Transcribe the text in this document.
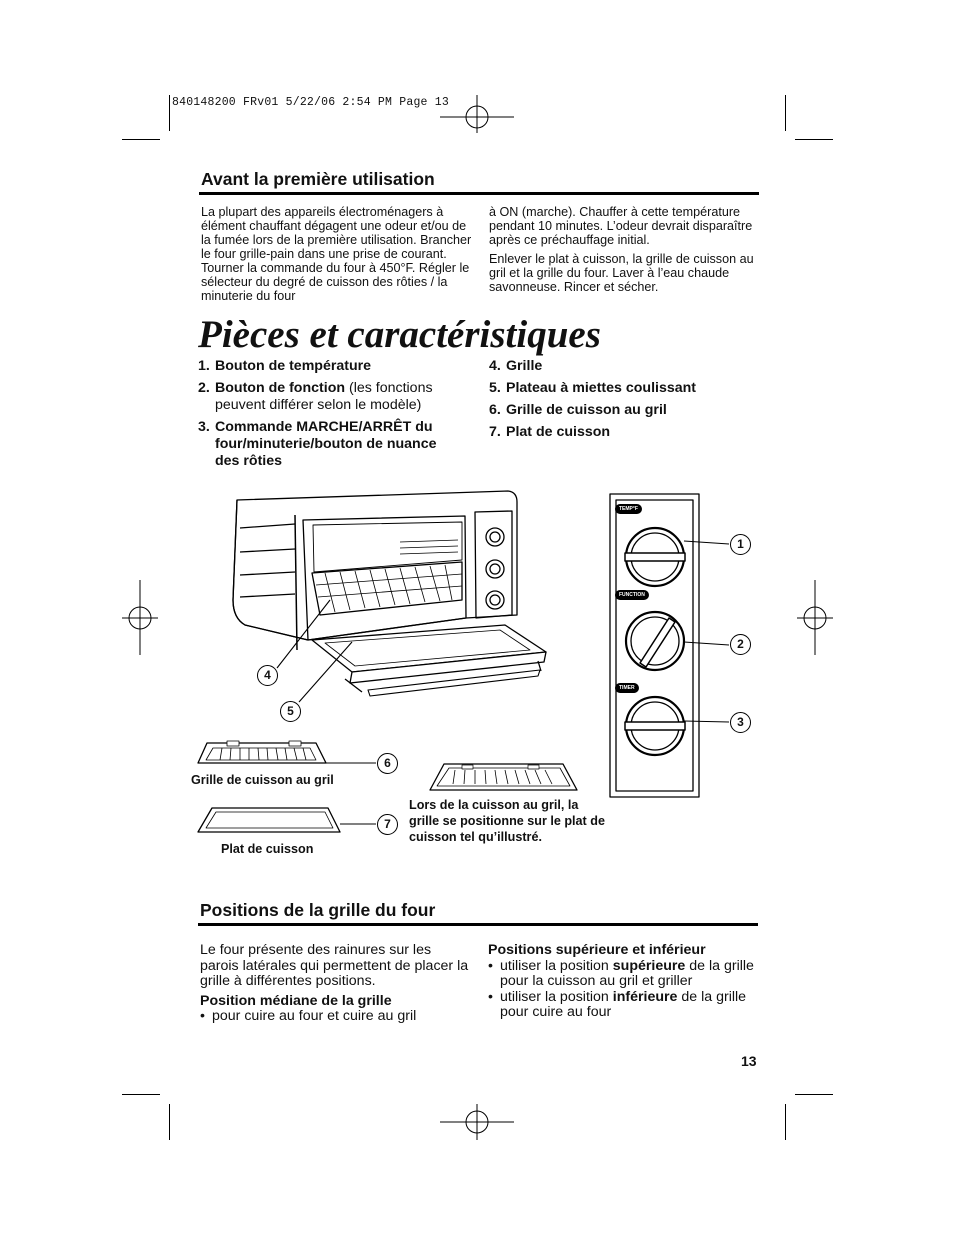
840148200 FRv01 5/22/06 2:54 PM Page 13
Avant la première utilisation

La plupart des appareils électroménagers à élément chauffant dégagent une odeur et/ou de la fumée lors de la première utilisation. Brancher le four grille-pain dans une prise de courant. Tourner la commande du four à 450°F. Régler le sélecteur du degré de cuisson des rôties / la minuterie du four

à ON (marche). Chauffer à cette température pendant 10 minutes. L’odeur devrait disparaître après ce préchauffage initial.

Enlever le plat à cuisson, la grille de cuisson au gril et la grille du four. Laver à l’eau chaude savonneuse. Rincer et sécher.

Pièces et caractéristiques
1. Bouton de température
2. Bouton de fonction (les fonctions peuvent différer selon le modèle)
3. Commande MARCHE/ARRÊT du four/minuterie/bouton de nuance des rôties
4. Grille
5. Plateau à miettes coulissant
6. Grille de cuisson au gril
7. Plat de cuisson
TEMP°F
FUNCTION
TIMER
1
2
3
4
5
6
7
Grille de cuisson au gril
Plat de cuisson
Lors de la cuisson au gril, la grille se positionne sur le plat de cuisson tel qu’illustré.
Positions de la grille du four
Le four présente des rainures sur les parois latérales qui permettent de placer la grille à différentes positions.
Position médiane de la grille
• pour cuire au four et cuire au gril
Positions supérieure et inférieur
• utiliser la position supérieure de la grille pour la cuisson au gril et griller
• utiliser la position inférieure de la grille pour cuire au four
13
